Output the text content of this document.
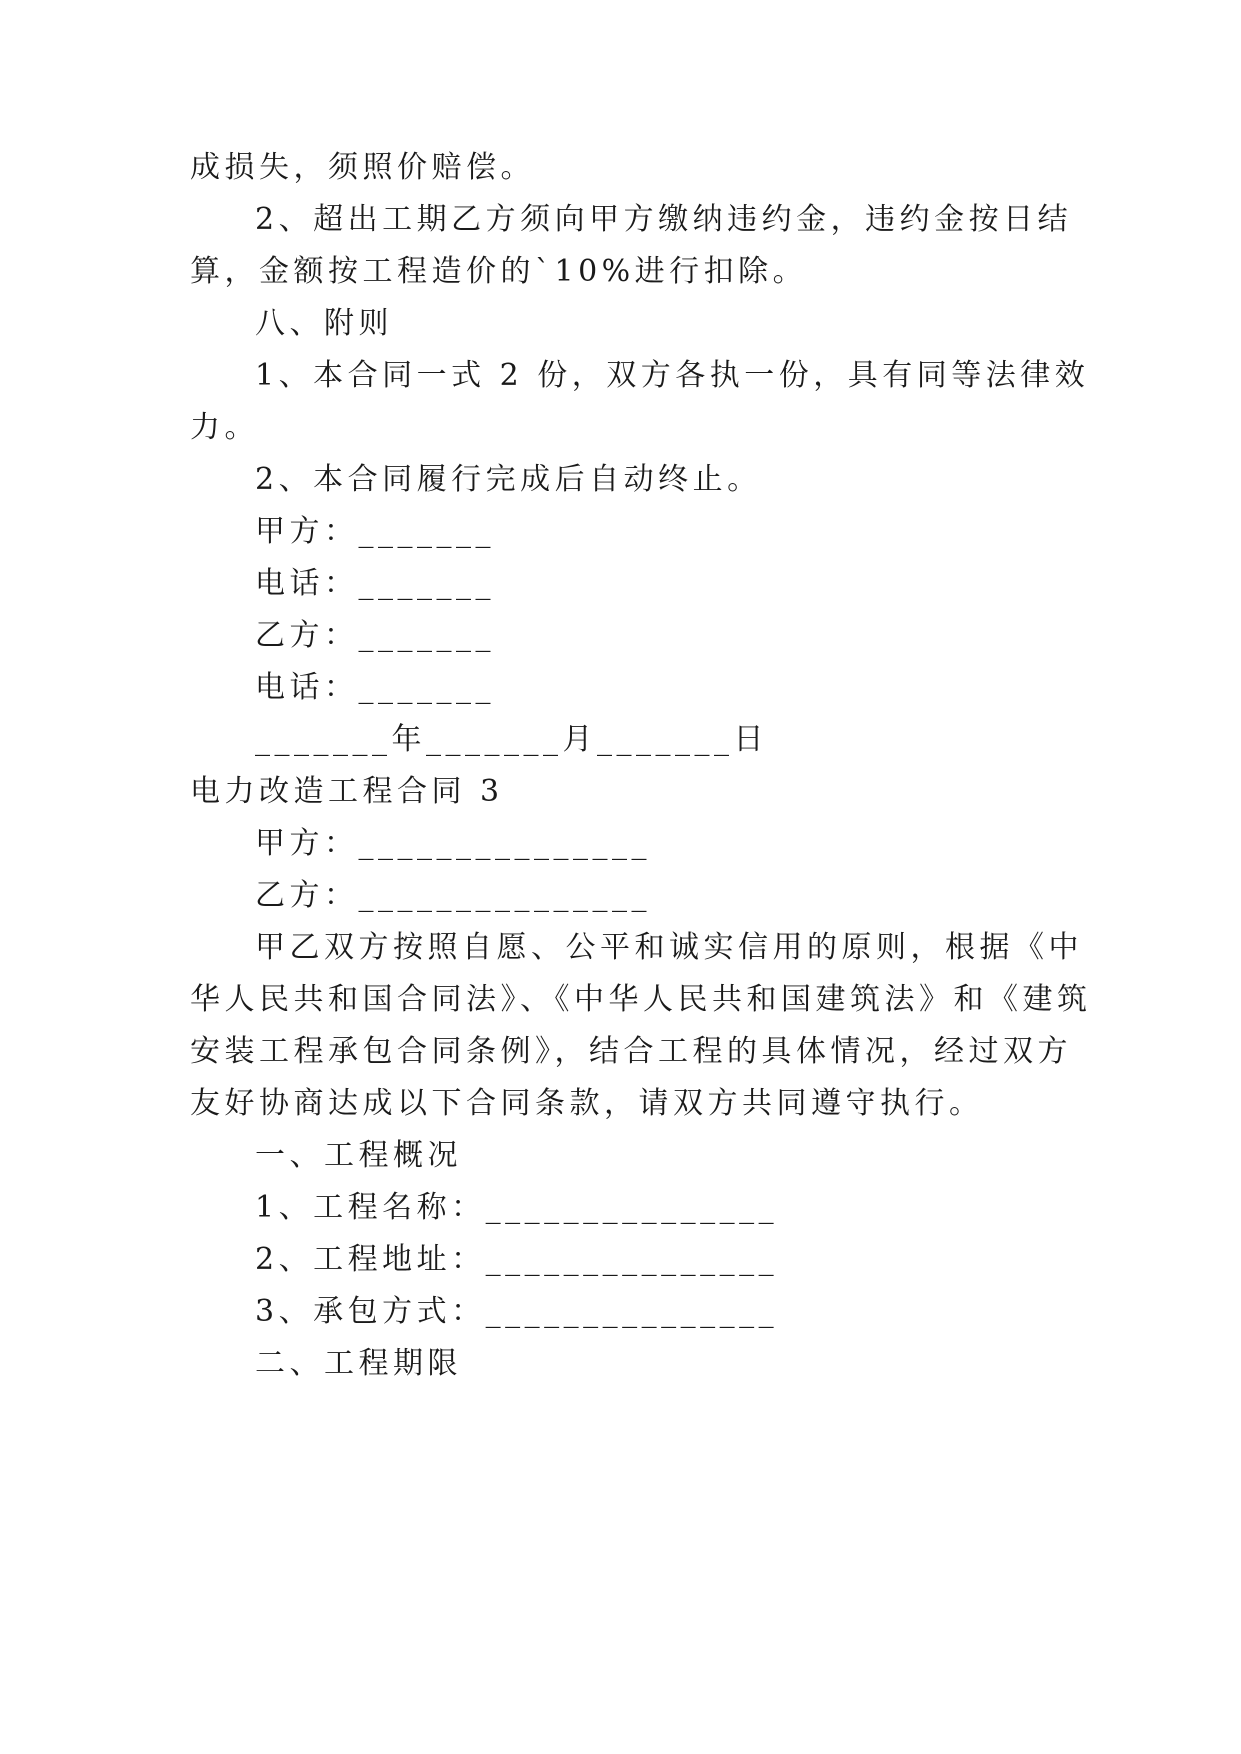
成损失，须照价赔偿。
2、超出工期乙方须向甲方缴纳违约金，违约金按日结
算，金额按工程造价的`10%进行扣除。
八、附则
1、本合同一式 2 份，双方各执一份，具有同等法律效
力。
2、本合同履行完成后自动终止。
甲方：_______
电话：_______
乙方：_______
电话：_______
_______年_______月_______日
电力改造工程合同 3
甲方：_______________
乙方：_______________
甲乙双方按照自愿、公平和诚实信用的原则，根据《中
华人民共和国合同法》、《中华人民共和国建筑法》和《建筑
安装工程承包合同条例》，结合工程的具体情况，经过双方
友好协商达成以下合同条款，请双方共同遵守执行。
一、工程概况
1、工程名称：_______________
2、工程地址：_______________
3、承包方式：_______________
二、工程期限
